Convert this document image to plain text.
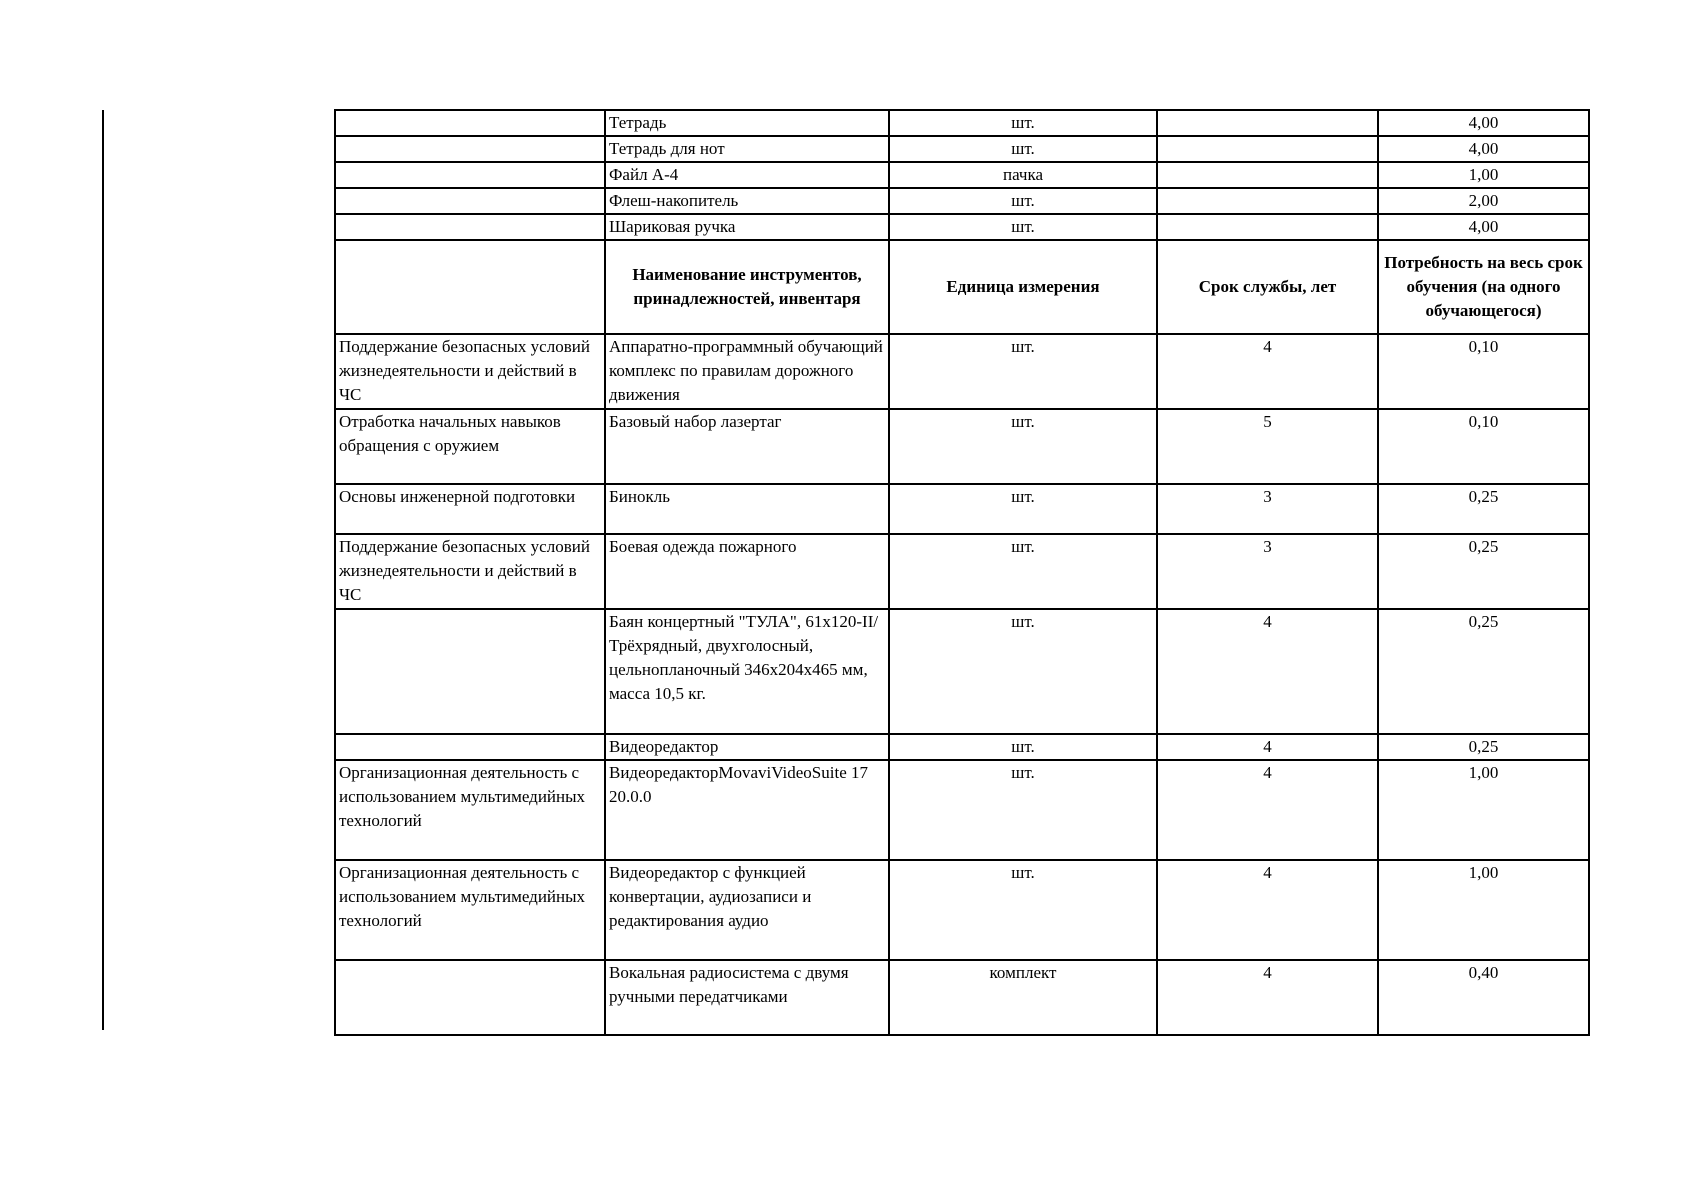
	Тетрадь	шт.		4,00
	Тетрадь для нот	шт.		4,00
	Файл А-4	пачка		1,00
	Флеш-накопитель	шт.		2,00
	Шариковая ручка	шт.		4,00
	Наименование инструментов, принадлежностей, инвентаря	Единица измерения	Срок службы, лет	Потребность на весь срок обучения (на одного обучающегося)
Поддержание безопасных условий жизнедеятельности и действий в ЧС	Аппаратно-программный обучающий комплекс по правилам дорожного движения	шт.	4	0,10
Отработка начальных навыков обращения с оружием	Базовый набор лазертаг	шт.	5	0,10
Основы инженерной подготовки	Бинокль	шт.	3	0,25
Поддержание безопасных условий жизнедеятельности и действий в ЧС	Боевая одежда пожарного	шт.	3	0,25
	Баян концертный "ТУЛА", 61х120-II/ Трёхрядный, двухголосный, цельнопланочный 346х204х465 мм, масса 10,5 кг.	шт.	4	0,25
	Видеоредактор	шт.	4	0,25
Организационная деятельность с использованием мультимедийных технологий	ВидеоредакторMovaviVideoSuite 17 20.0.0	шт.	4	1,00
Организационная деятельность с использованием мультимедийных технологий	Видеоредактор с функцией конвертации, аудиозаписи и редактирования аудио	шт.	4	1,00
	Вокальная радиосистема с двумя ручными передатчиками	комплект	4	0,40
